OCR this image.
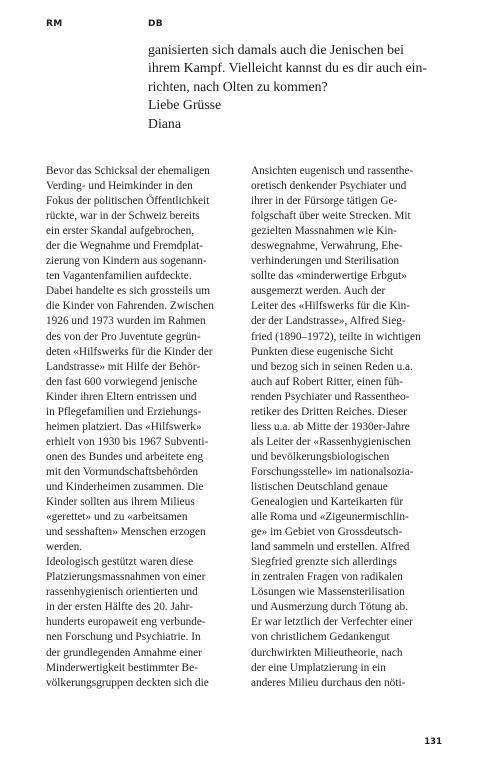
RM	DB
ganisierten sich damals auch die Jenischen bei
ihrem Kampf. Vielleicht kannst du es dir auch ein-
richten, nach Olten zu kommen?
Liebe Grüsse
Diana
Bevor das Schicksal der ehemaligen
Verding- und Heimkinder in den
Fokus der politischen Öffentlichkeit
rückte, war in der Schweiz bereits
ein erster Skandal aufgebrochen,
der die Wegnahme und Fremdplat-
zierung von Kindern aus sogenann-
ten Vagantenfamilien aufdeckte.
Dabei handelte es sich grossteils um
die Kinder von Fahrenden. Zwischen
1926 und 1973 wurden im Rahmen
des von der Pro Juventute gegrün-
deten «Hilfswerks für die Kinder der
Landstrasse» mit Hilfe der Behör-
den fast 600 vorwiegend jenische
Kinder ihren Eltern entrissen und
in Pflegefamilien und Erziehungs-
heimen platziert. Das «Hilfswerk»
erhielt von 1930 bis 1967 Subventi-
onen des Bundes und arbeitete eng
mit den Vormundschaftsbehörden
und Kinderheimen zusammen. Die
Kinder sollten aus ihrem Milieus
«gerettet» und zu «arbeitsamen
und sesshaften» Menschen erzogen
werden.
Ideologisch gestützt waren diese
Platzierungsmassnahmen von einer
rassenhygienisch orientierten und
in der ersten Hälfte des 20. Jahr-
hunderts europaweit eng verbunde-
nen Forschung und Psychiatrie. In
der grundlegenden Annahme einer
Minderwertigkeit bestimmter Be-
völkerungsgruppen deckten sich die
Ansichten eugenisch und rassenthe-
oretisch denkender Psychiater und
ihrer in der Fürsorge tätigen Ge-
folgschaft über weite Strecken. Mit
gezielten Massnahmen wie Kin-
deswegnahme, Verwahrung, Ehe-
verhinderungen und Sterilisation
sollte das «minderwertige Erbgut»
ausgemerzt werden. Auch der
Leiter des «Hilfswerks für die Kin-
der der Landstrasse», Alfred Sieg-
fried (1890–1972), teilte in wichtigen
Punkten diese eugenische Sicht
und bezog sich in seinen Reden u.a.
auch auf Robert Ritter, einen füh-
renden Psychiater und Rassentheo-
retiker des Dritten Reiches. Dieser
liess u.a. ab Mitte der 1930er-Jahre
als Leiter der «Rassenhygienischen
und bevölkerungsbiologischen
Forschungsstelle» im nationalsozia-
listischen Deutschland genaue
Genealogien und Karteikarten für
alle Roma und «Zigeunermischlin-
ge» im Gebiet von Grossdeutsch-
land sammeln und erstellen. Alfred
Siegfried grenzte sich allerdings
in zentralen Fragen von radikalen
Lösungen wie Massensterilisation
und Ausmerzung durch Tötung ab.
Er war letztlich der Verfechter einer
von christlichem Gedankengut
durchwirkten Milieutheorie, nach
der eine Umplatzierung in ein
anderes Milieu durchaus den nöti-
131
